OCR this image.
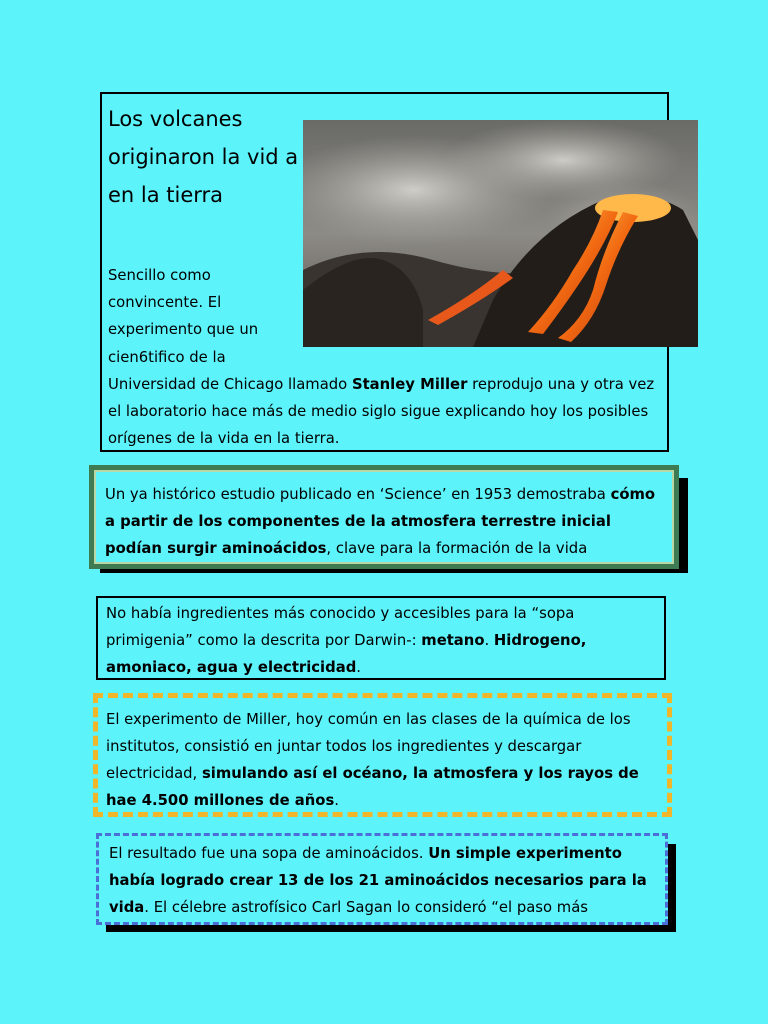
Los volcanes originaron la vid a en la tierra

Sencillo como convincente. El experimento que un cien6tifico de la Universidad de Chicago llamado Stanley Miller reprodujo una y otra vez el laboratorio hace más de medio siglo sigue explicando hoy los posibles orígenes de la vida en la tierra.

Un ya histórico estudio publicado en ‘Science’ en 1953 demostraba cómo a partir de los componentes de la atmosfera terrestre inicial podían surgir aminoácidos, clave para la formación de la vida
No había ingredientes más conocido y accesibles para la “sopa primigenia” como la descrita por Darwin-: metano. Hidrogeno, amoniaco, agua y electricidad.
El experimento de Miller, hoy común en las clases de la química de los institutos, consistió en juntar todos los ingredientes y descargar electricidad, simulando así el océano, la atmosfera y los rayos de hae 4.500 millones de años.
El resultado fue una sopa de aminoácidos. Un simple experimento había logrado crear 13 de los 21 aminoácidos necesarios para la vida. El célebre astrofísico Carl Sagan lo consideró “el paso más
